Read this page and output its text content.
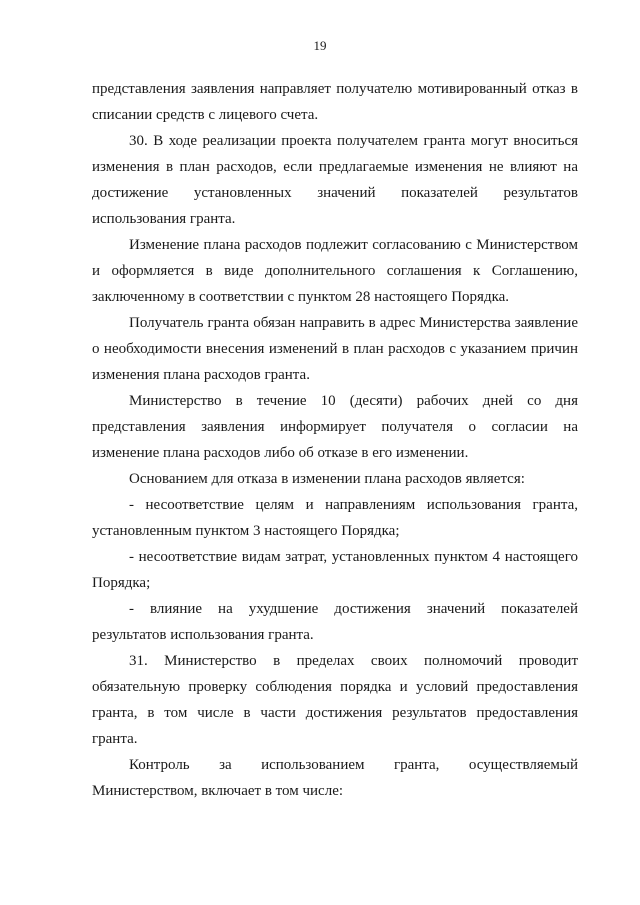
19

представления заявления направляет получателю мотивированный отказ в списании средств с лицевого счета.

30. В ходе реализации проекта получателем гранта могут вноситься изменения в план расходов, если предлагаемые изменения не влияют на достижение установленных значений показателей результатов использования гранта.

Изменение плана расходов подлежит согласованию с Министерством и оформляется в виде дополнительного соглашения к Соглашению, заключенному в соответствии с пунктом 28 настоящего Порядка.

Получатель гранта обязан направить в адрес Министерства заявление о необходимости внесения изменений в план расходов с указанием причин изменения плана расходов гранта.

Министерство в течение 10 (десяти) рабочих дней со дня представления заявления информирует получателя о согласии на изменение плана расходов либо об отказе в его изменении.

Основанием для отказа в изменении плана расходов является:

- несоответствие целям и направлениям использования гранта, установленным пунктом 3 настоящего Порядка;

- несоответствие видам затрат, установленных пунктом 4 настоящего Порядка;

- влияние на ухудшение достижения значений показателей результатов использования гранта.

31. Министерство в пределах своих полномочий проводит обязательную проверку соблюдения порядка и условий предоставления гранта, в том числе в части достижения результатов предоставления гранта.

Контроль за использованием гранта, осуществляемый Министерством, включает в том числе:
